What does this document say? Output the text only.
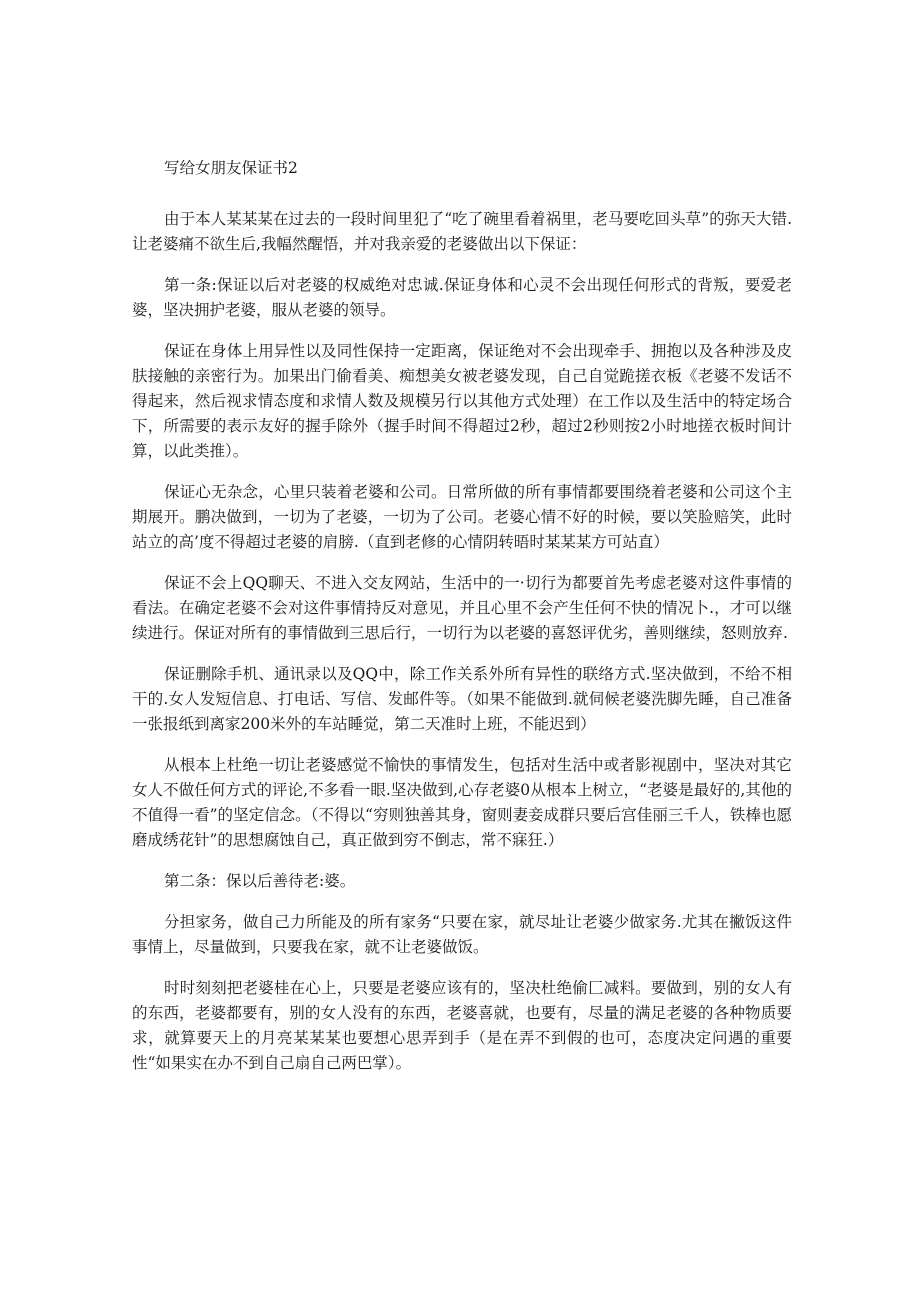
写给女朋友保证书2

由于本人某某某在过去的一段时间里犯了“吃了碗里看着祸里，老马要吃回头草”的弥天大错.让老婆痛不欲生后,我幅然醒悟，并对我亲爱的老婆做出以下保证：

第一条:保证以后对老婆的权威绝对忠诚.保证身体和心灵不会出现任何形式的背叛，要爱老婆，坚决拥护老婆，服从老婆的领导。

保证在身体上用异性以及同性保持一定距离，保证绝对不会出现牵手、拥抱以及各种涉及皮肤接触的亲密行为。加果出门偷看美、痴想美女被老婆发现，自己自觉跪搓衣板《老婆不发话不得起来，然后视求情态度和求情人数及规模另行以其他方式处理）在工作以及生活中的特定场合下，所需要的表示友好的握手除外（握手时间不得超过2秒，超过2秒则按2小时地搓衣板时间计算，以此类推）。

保证心无杂念，心里只装着老婆和公司。日常所做的所有事情都要围绕着老婆和公司这个主期展开。鹏决做到，一切为了老婆，一切为了公司。老婆心情不好的时候，要以笑脸赔笑，此时站立的高’度不得超过老婆的肩膀.（直到老修的心情阴转晤时某某某方可站直）

保证不会上QQ聊天、不进入交友网站，生活中的一·切行为都要首先考虑老婆对这件事情的看法。在确定老婆不会对这件事情持反对意见，并且心里不会产生任何不快的情况卜.，才可以继续进行。保证对所有的事情做到三思后行，一切行为以老婆的喜怒评优劣，善则继续，怒则放弃.

保证删除手机、通讯录以及QQ中，除工作关系外所有异性的联络方式.坚决做到，不给不相干的.女人发短信息、打电话、写信、发邮件等。（如果不能做到.就伺候老婆洗脚先睡，自己准备一张报纸到离家200米外的车站睡觉，第二天准时上班，不能迟到）

从根本上杜绝一切让老婆感觉不愉快的事情发生，包括对生活中或者影视剧中，坚决对其它女人不做任何方式的评论,不多看一眼.坚决做到,心存老婆0从根本上树立，“老婆是最好的,其他的不值得一看”的坚定信念。（不得以“穷则独善其身，窗则妻妾成群只要后宫佳丽三千人，铁棒也愿磨成绣花针”的思想腐蚀自己，真正做到穷不倒志，常不寐狂.）

第二条：保以后善待老:婆。

分担家务，做自己力所能及的所有家务“只要在家，就尽址让老婆少做家务.尤其在撇饭这件事情上，尽量做到，只要我在家，就不让老婆做饭。

时时刻刻把老婆桂在心上，只要是老婆应该有的，坚决杜绝偷匚减料。要做到，别的女人有的东西，老婆都要有，别的女人没有的东西，老婆喜就，也要有，尽量的满足老婆的各种物质要求，就算要天上的月亮某某某也要想心思弄到手（是在弄不到假的也可，态度决定问遇的重要性“如果实在办不到自己扇自己两巴掌）。
